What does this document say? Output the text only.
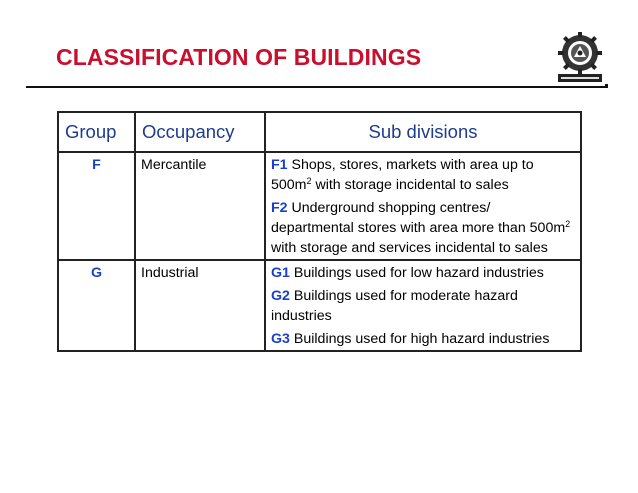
CLASSIFICATION OF BUILDINGS
Group	Occupancy	Sub divisions
F	Mercantile	F1 Shops, stores, markets with area up to $500m^2$ with storage incidental to sales
F2 Underground shopping centres/ departmental stores with area more than $500m^2$ with storage and services incidental to sales

G	Industrial	G1 Buildings used for low hazard industries
G2 Buildings used for moderate hazard industries
G3 Buildings used for high hazard industries
